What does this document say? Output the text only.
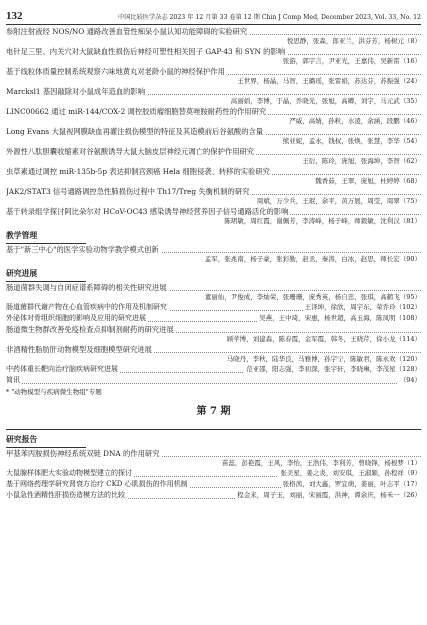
132	中国比较医学杂志 2023 年 12 月第 33 卷第 12 期 Chin J Comp Med, December 2023, Vol. 33, No. 12
参附注射液经 NOS/NO 通路改善血管性痴呆小鼠认知功能障碍的实验研究
悦思静，张森，郎亚兰，洪芬芳，杨树元（8）
电针足三里、内关穴对大鼠缺血性损伤后神经可塑性相关因子 GAP-43 和 SYN 的影响
张游，郭宇言，尹亚光，王嘉伟，吴新雷（16）
基于线粒体质量控制系统观察六味地黄丸对老龄小鼠的神经保护作用
王世界，杨晶，马智，王璐瑶，张雷娟，苏达芬，苏振强（24）
Marcksl1 基因敲除对小鼠成年造血的影响
高丽娟，李博，于晶，乔晓光，张旭，高卿，刘宇，马元武（35）
LINC00662 通过 miR-144/COX-2 调控胶质瘤细胞替莫唑胺耐药性的作用研究
严威，高婧，孙粒，水凌，余涵，段鹏（46）
Long Evans 大鼠视网膜缺血再灌注损伤模型的特征及其造模前后谷氨酸的含量
熊亚妮，孟永，钱权，张焕，张慧，李华（54）
外源性八肽胆囊收缩素对谷氨酸诱导大鼠大脑皮层神经元凋亡的保护作用研究
王衍，陈玲，庞旭，张海坤，李智（62）
虫草素通过调控 miR-135b-5p 表达抑制宫颈癌 Hela 细胞侵袭、转移的实验研究
魏香茹，王翠，庞旭，杜婷婷（68）
JAK2/STAT3 信号通路调控急性肺损伤过程中 Th17/Treg 失衡机制的研究
周斌，万少兵，王珉，余平，黄万展，周莹，周翠（75）
基于转录组学探讨阿比朵尔对 HCoV-OC43 感染诱导神经营养因子信号通路活化的影响
陈珺敏，周红霞，谢佩芳，李涛峰，杨子峰，师毅敏，沈利汉（81）
教学管理
基于"新三中心"的医学实验动物学教学模式创新
孟军，张兆南，杨子豪，张彩勤，赵丞，秦涛，白冰，赵思，师长宏（90）
研究进展
肠道菌群失调与自闭症谱系障碍的相关性研究进展
董丽仙，尹俊成，李灿荣，张珊珊，庞秀英，杨自忠，张琪，高鹤飞（95）
肠道菌群代谢产物在心血管疾病中的作用及机制研究	王泽坤，徐欣，周宇东，荣乔玲（102）
外泌体对骨组织细胞的影响及应用的研究进展	吴燕，王中琦，宋惠，杨世超，高玉海，陈凤明（108）
肠道微生物群改善免疫检查点抑制剂耐药的研究进展
顾苹博，刘建森，陈春霞，金军霞，韩冬，王晓芹，徐小龙（114）
非酒精性脂肪肝动物模型及细胞模型研究进展
马晓丹，李秋，陆华良，马雅博，孙宇宁，陈敏君，陈永欢（120）
中药体重长靶向治疗脑疾病研究进展	范亚邵，阳志强，李初深，张宇轩，李晓琳，李茂星（128）
简讯	（94）
* "动物模型与疾病微生物组"专题
第 7 期
研究报告
甲基苯丙胺损伤神经系统双链 DNA 的作用研究
苗蕊，彭艳霞，王风，李怡，王浩伟，李利芳，曾晓锋，杨根梦（1）
大鼠腺样体肥大实验动物模型建立的探讨	张美星，姜之炎，刘安琪，王淑颖，孙程祥（9）
基于网络药理学研究肾衰方治疗 CKD 心肌损伤的作用机制	张格茜，刘大鑫，罗宜萌，姜丽，叶志平（17）
小鼠急性酒精性肝损伤造模方法的比较	程金来，周子玉，刘丽，宋丽霞，洪神，谭余庆，杨禾一（26）
